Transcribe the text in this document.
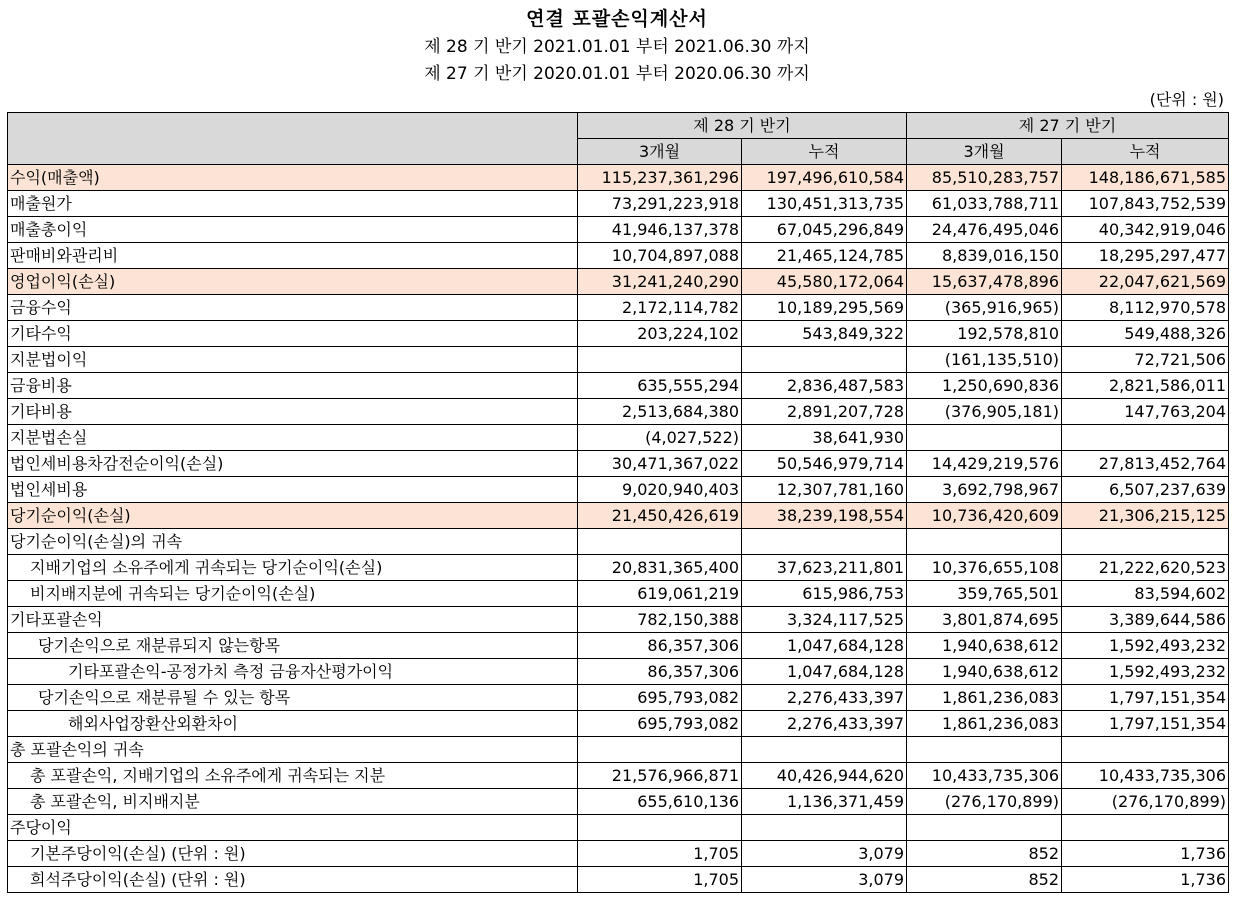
연결 포괄손익계산서
제 28 기 반기 2021.01.01 부터 2021.06.30 까지
제 27 기 반기 2020.01.01 부터 2020.06.30 까지
(단위 : 원)
	제 28 기 반기		제 27 기 반기	
	3개월	누적	3개월	누적
수익(매출액)	115,237,361,296	197,496,610,584	85,510,283,757	148,186,671,585
매출원가	73,291,223,918	130,451,313,735	61,033,788,711	107,843,752,539
매출총이익	41,946,137,378	67,045,296,849	24,476,495,046	40,342,919,046
판매비와관리비	10,704,897,088	21,465,124,785	8,839,016,150	18,295,297,477
영업이익(손실)	31,241,240,290	45,580,172,064	15,637,478,896	22,047,621,569
금융수익	2,172,114,782	10,189,295,569	(365,916,965)	8,112,970,578
기타수익	203,224,102	543,849,322	192,578,810	549,488,326
지분법이익			(161,135,510)	72,721,506
금융비용	635,555,294	2,836,487,583	1,250,690,836	2,821,586,011
기타비용	2,513,684,380	2,891,207,728	(376,905,181)	147,763,204
지분법손실	(4,027,522)	38,641,930		
법인세비용차감전순이익(손실)	30,471,367,022	50,546,979,714	14,429,219,576	27,813,452,764
법인세비용	9,020,940,403	12,307,781,160	3,692,798,967	6,507,237,639
당기순이익(손실)	21,450,426,619	38,239,198,554	10,736,420,609	21,306,215,125
당기순이익(손실)의 귀속				
지배기업의 소유주에게 귀속되는 당기순이익(손실)	20,831,365,400	37,623,211,801	10,376,655,108	21,222,620,523
비지배지분에 귀속되는 당기순이익(손실)	619,061,219	615,986,753	359,765,501	83,594,602
기타포괄손익	782,150,388	3,324,117,525	3,801,874,695	3,389,644,586
당기손익으로 재분류되지 않는항목	86,357,306	1,047,684,128	1,940,638,612	1,592,493,232
기타포괄손익-공정가치 측정 금융자산평가이익	86,357,306	1,047,684,128	1,940,638,612	1,592,493,232
당기손익으로 재분류될 수 있는 항목	695,793,082	2,276,433,397	1,861,236,083	1,797,151,354
해외사업장환산외환차이	695,793,082	2,276,433,397	1,861,236,083	1,797,151,354
총 포괄손익의 귀속				
총 포괄손익, 지배기업의 소유주에게 귀속되는 지분	21,576,966,871	40,426,944,620	10,433,735,306	10,433,735,306
총 포괄손익, 비지배지분	655,610,136	1,136,371,459	(276,170,899)	(276,170,899)
주당이익				
기본주당이익(손실) (단위 : 원)	1,705	3,079	852	1,736
희석주당이익(손실) (단위 : 원)	1,705	3,079	852	1,736
